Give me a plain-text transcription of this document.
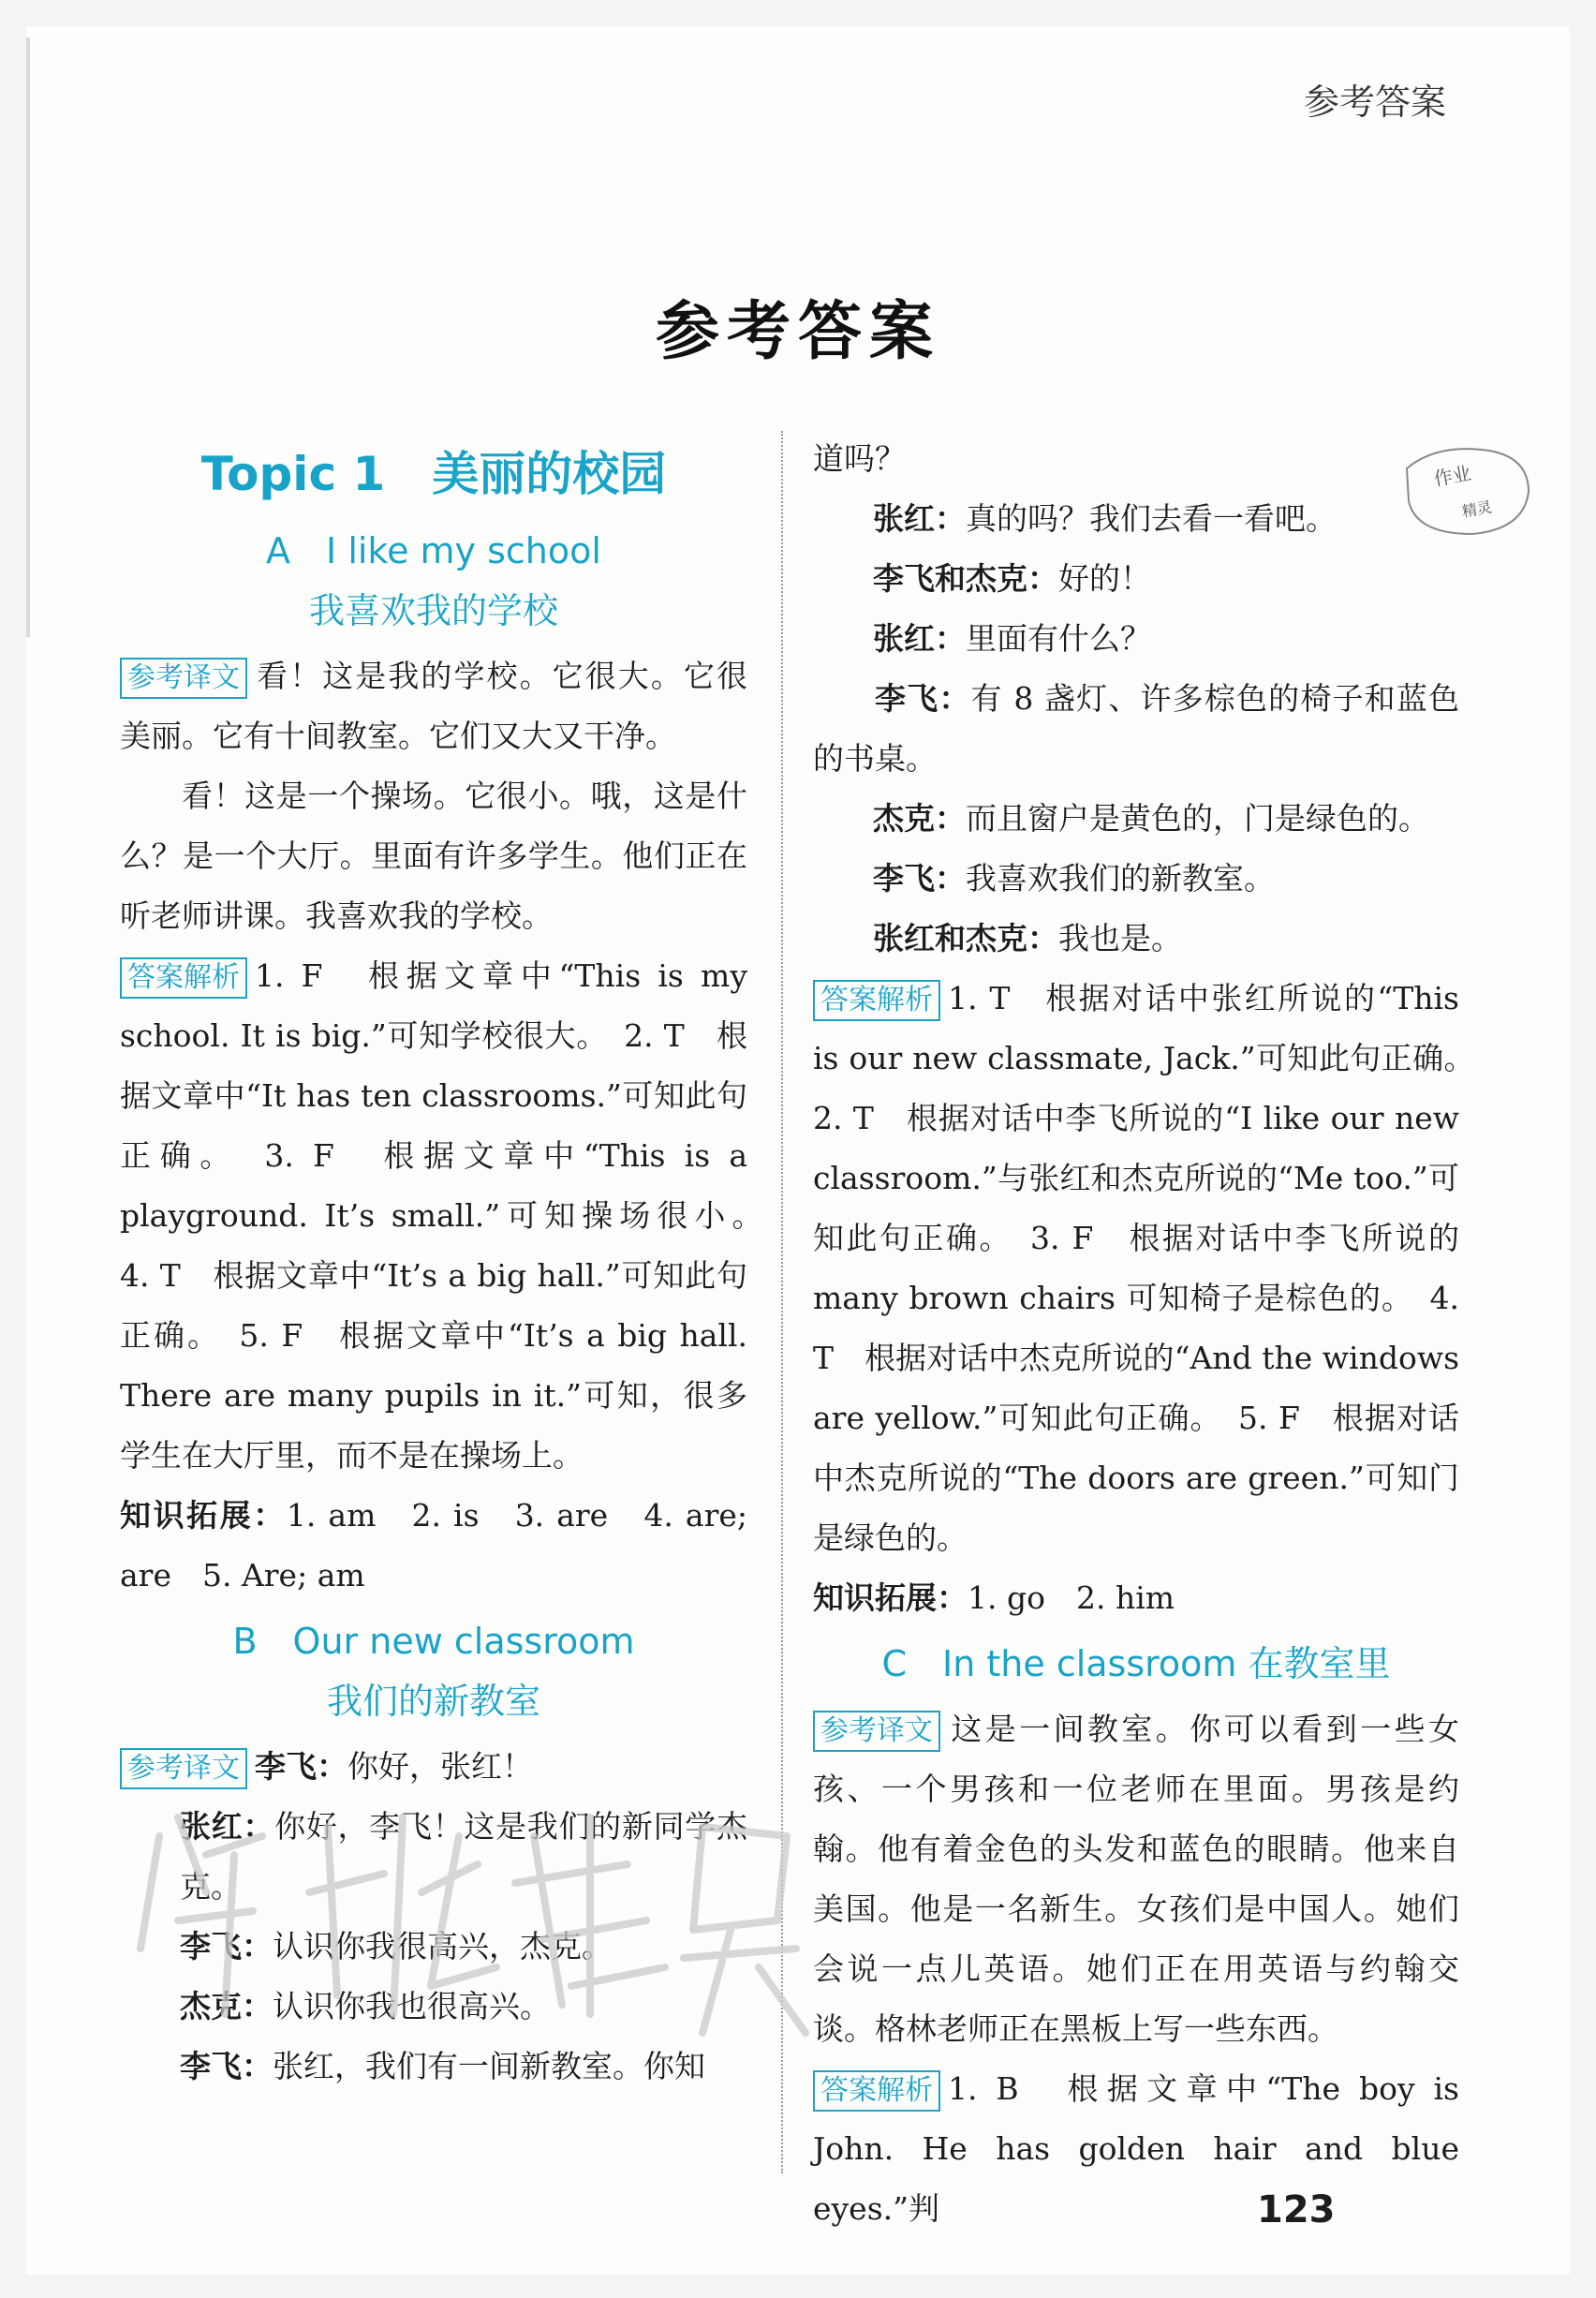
参考答案
参考答案
作业
精灵
Topic 1　美丽的校园
A　I like my school
我喜欢我的学校

参考译文 看！这是我的学校。它很大。它很美丽。它有十间教室。它们又大又干净。

看！这是一个操场。它很小。哦，这是什么？是一个大厅。里面有许多学生。他们正在听老师讲课。我喜欢我的学校。

答案解析 1. F　根据文章中“This is my school. It is big.”可知学校很大。　2. T　根据文章中“It has ten classrooms.”可知此句正确。　3. F　根据文章中“This is a playground. It’s small.”可知操场很小。　4. T　根据文章中“It’s a big hall.”可知此句正确。　5. F　根据文章中“It’s a big hall. There are many pupils in it.”可知，很多学生在大厅里，而不是在操场上。

知识拓展：1. am　2. is　3. are　4. are; are　5. Are; am

B　Our new classroom
我们的新教室

参考译文 李飞：你好，张红！

张红：你好，李飞！这是我们的新同学杰克。

李飞：认识你我很高兴，杰克。

杰克：认识你我也很高兴。

李飞：张红，我们有一间新教室。你知

道吗？

张红：真的吗？我们去看一看吧。

李飞和杰克：好的！

张红：里面有什么？

李飞：有 8 盏灯、许多棕色的椅子和蓝色的书桌。

杰克：而且窗户是黄色的，门是绿色的。

李飞：我喜欢我们的新教室。

张红和杰克：我也是。

答案解析 1. T　根据对话中张红所说的“This is our new classmate, Jack.”可知此句正确。　2. T　根据对话中李飞所说的“I like our new classroom.”与张红和杰克所说的“Me too.”可知此句正确。　3. F　根据对话中李飞所说的 many brown chairs 可知椅子是棕色的。　4. T　根据对话中杰克所说的“And the windows are yellow.”可知此句正确。　5. F　根据对话中杰克所说的“The doors are green.”可知门是绿色的。

知识拓展：1. go　2. him

C　In the classroom 在教室里

参考译文 这是一间教室。你可以看到一些女孩、一个男孩和一位老师在里面。男孩是约翰。他有着金色的头发和蓝色的眼睛。他来自美国。他是一名新生。女孩们是中国人。她们会说一点儿英语。她们正在用英语与约翰交谈。格林老师正在黑板上写一些东西。

答案解析 1. B　根据文章中“The boy is John. He has golden hair and blue eyes.”判	123
